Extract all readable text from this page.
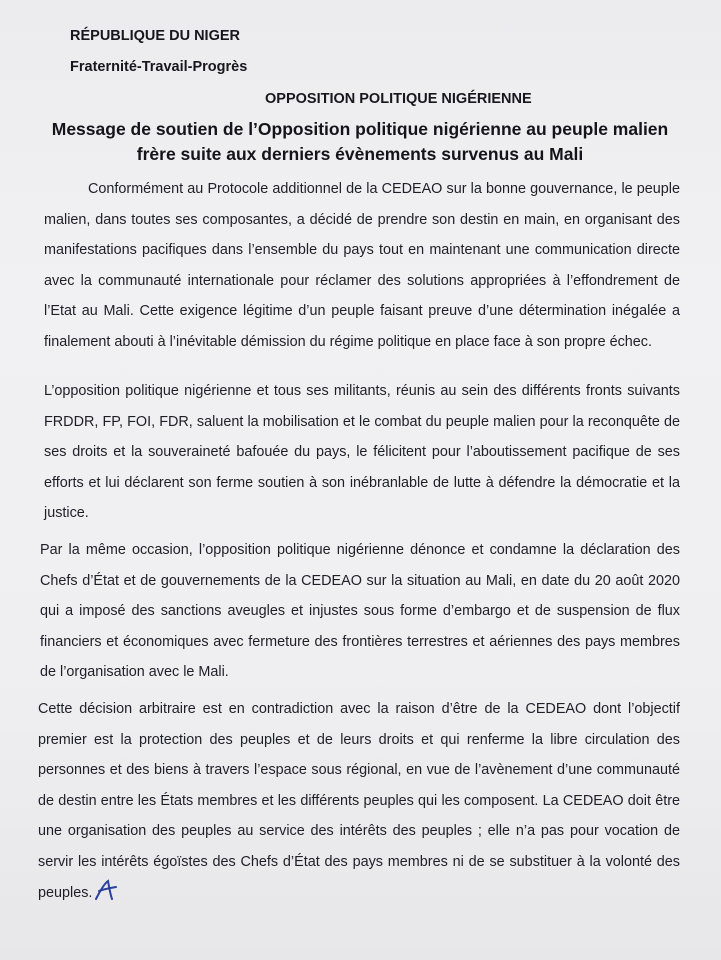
RÉPUBLIQUE DU NIGER
Fraternité-Travail-Progrès
OPPOSITION POLITIQUE NIGÉRIENNE
Message de soutien de l’Opposition politique nigérienne au peuple malien frère suite aux derniers évènements survenus au Mali
Conformément au Protocole additionnel de la CEDEAO sur la bonne gouvernance, le peuple malien, dans toutes ses composantes, a décidé de prendre son destin en main, en organisant des manifestations pacifiques dans l’ensemble du pays tout en maintenant une communication directe avec la communauté internationale pour réclamer des solutions appropriées à l’effondrement de l’Etat au Mali. Cette exigence légitime d’un peuple faisant preuve d’une détermination inégalée a finalement abouti à l’inévitable démission du régime politique en place face à son propre échec.
L’opposition politique nigérienne et tous ses militants, réunis au sein des différents fronts suivants FRDDR, FP, FOI, FDR, saluent la mobilisation et le combat du peuple malien pour la reconquête de ses droits et la souveraineté bafouée du pays, le félicitent pour l’aboutissement pacifique de ses efforts et lui déclarent son ferme soutien à son inébranlable de lutte à défendre la démocratie et la justice.
Par la même occasion, l’opposition politique nigérienne dénonce et condamne la déclaration des Chefs d’État et de gouvernements de la CEDEAO sur la situation au Mali, en date du 20 août 2020 qui a imposé des sanctions aveugles et injustes sous forme d’embargo et de suspension de flux financiers et économiques avec fermeture des frontières terrestres et aériennes des pays membres de l’organisation avec le Mali.
Cette décision arbitraire est en contradiction avec la raison d’être de la CEDEAO dont l’objectif premier est la protection des peuples et de leurs droits et qui renferme la libre circulation des personnes et des biens à travers l’espace sous régional, en vue de l’avènement d’une communauté de destin entre les États membres et les différents peuples qui les composent. La CEDEAO doit être une organisation des peuples au service des intérêts des peuples ; elle n’a pas pour vocation de servir les intérêts égoïstes des Chefs d’État des pays membres ni de se substituer à la volonté des peuples.
